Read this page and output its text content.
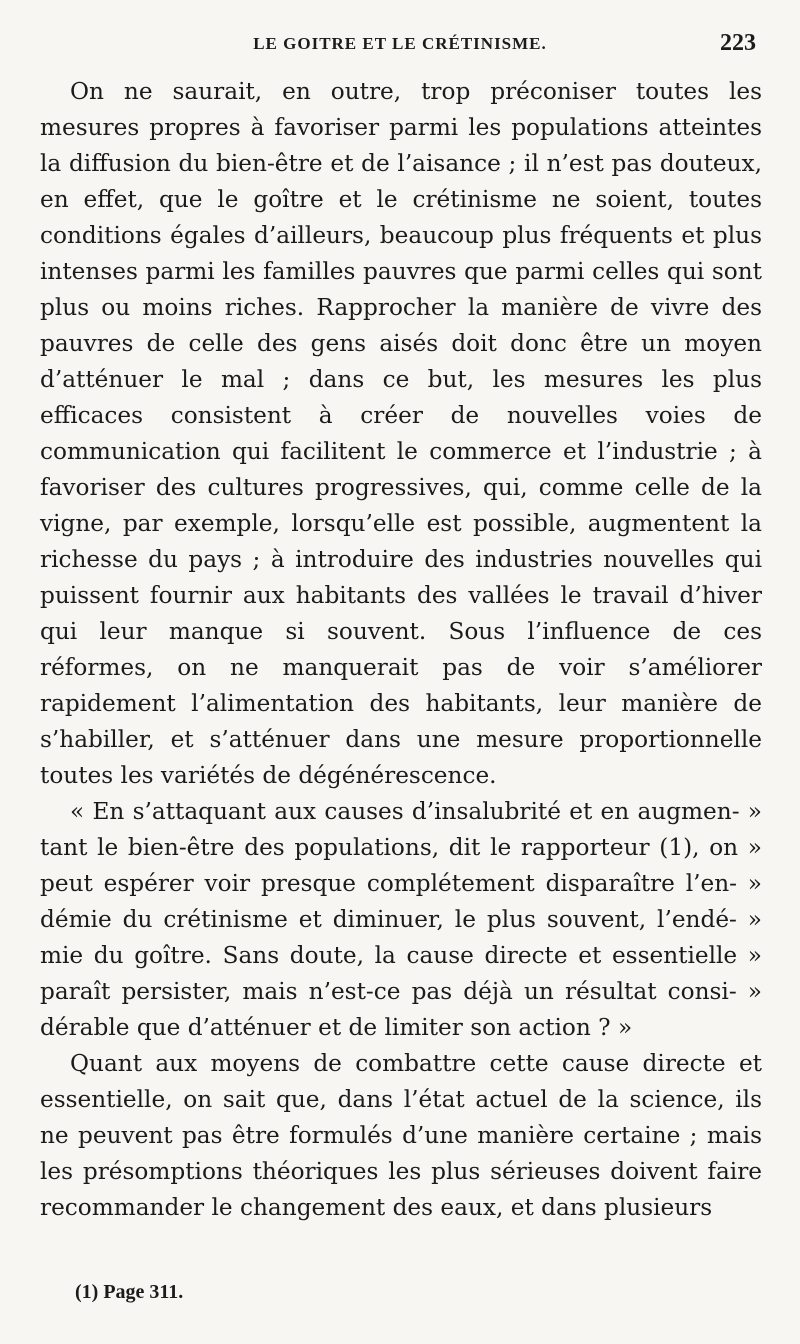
LE GOITRE ET LE CRÉTINISME.	223

On ne saurait, en outre, trop préconiser toutes les mesures propres à favoriser parmi les populations atteintes la diffusion du bien-être et de l’aisance ; il n’est pas douteux, en effet, que le goître et le crétinisme ne soient, toutes conditions égales d’ailleurs, beaucoup plus fréquents et plus intenses parmi les familles pauvres que parmi celles qui sont plus ou moins riches. Rapprocher la manière de vivre des pauvres de celle des gens aisés doit donc être un moyen d’atténuer le mal ; dans ce but, les mesures les plus efficaces consistent à créer de nouvelles voies de communication qui facilitent le commerce et l’industrie ; à favoriser des cultures progressives, qui, comme celle de la vigne, par exemple, lorsqu’elle est possible, augmentent la richesse du pays ; à introduire des industries nouvelles qui puissent fournir aux habitants des vallées le travail d’hiver qui leur manque si souvent. Sous l’influence de ces réformes, on ne manquerait pas de voir s’améliorer rapidement l’alimentation des habitants, leur manière de s’habiller, et s’atténuer dans une mesure proportionnelle toutes les variétés de dégénérescence.

« En s’attaquant aux causes d’insalubrité et en augmen- » tant le bien-être des populations, dit le rapporteur (1), on » peut espérer voir presque complétement disparaître l’en- » démie du crétinisme et diminuer, le plus souvent, l’endé- » mie du goître. Sans doute, la cause directe et essentielle » paraît persister, mais n’est-ce pas déjà un résultat consi- » dérable que d’atténuer et de limiter son action ? »

Quant aux moyens de combattre cette cause directe et essentielle, on sait que, dans l’état actuel de la science, ils ne peuvent pas être formulés d’une manière certaine ; mais les présomptions théoriques les plus sérieuses doivent faire recommander le changement des eaux, et dans plusieurs

(1) Page 311.
